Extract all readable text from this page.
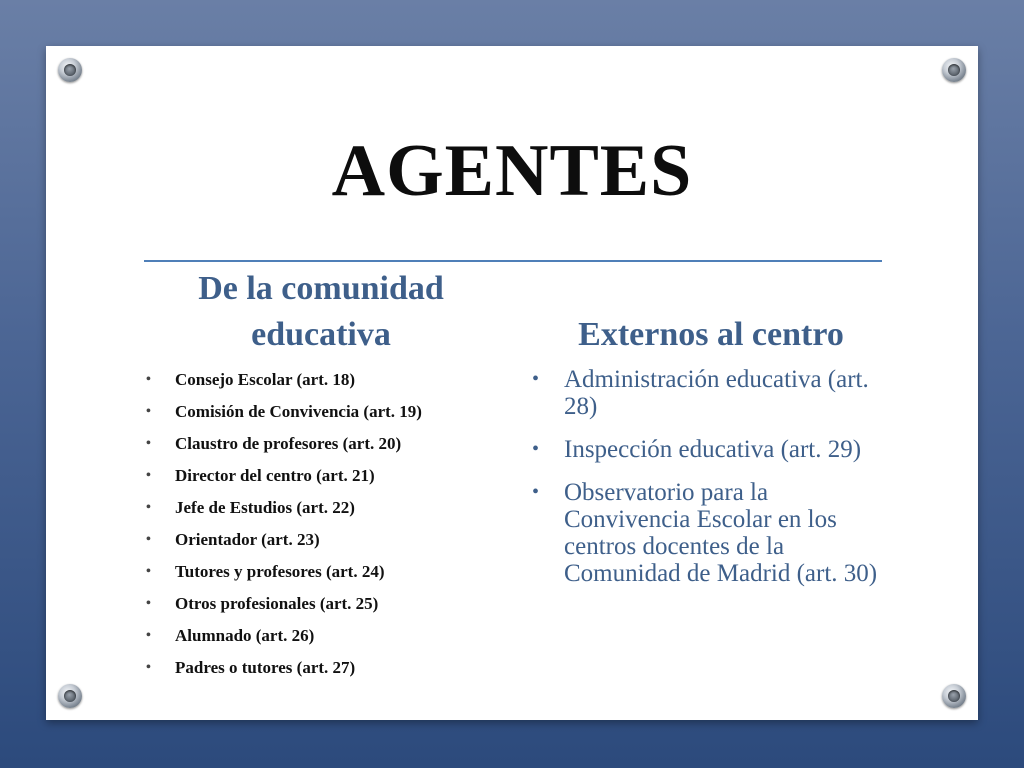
AGENTES
De la comunidad
educativa
• Consejo Escolar (art. 18)
• Comisión de Convivencia (art. 19)
• Claustro de profesores (art. 20)
• Director del centro (art. 21)
• Jefe de Estudios (art. 22)
• Orientador (art. 23)
• Tutores y profesores (art. 24)
• Otros profesionales (art. 25)
• Alumnado (art. 26)
• Padres o tutores (art. 27)
Externos al centro
• Administración educativa (art. 28)
• Inspección educativa (art. 29)
• Observatorio para la Convivencia Escolar en los centros docentes de la Comunidad de Madrid (art. 30)
